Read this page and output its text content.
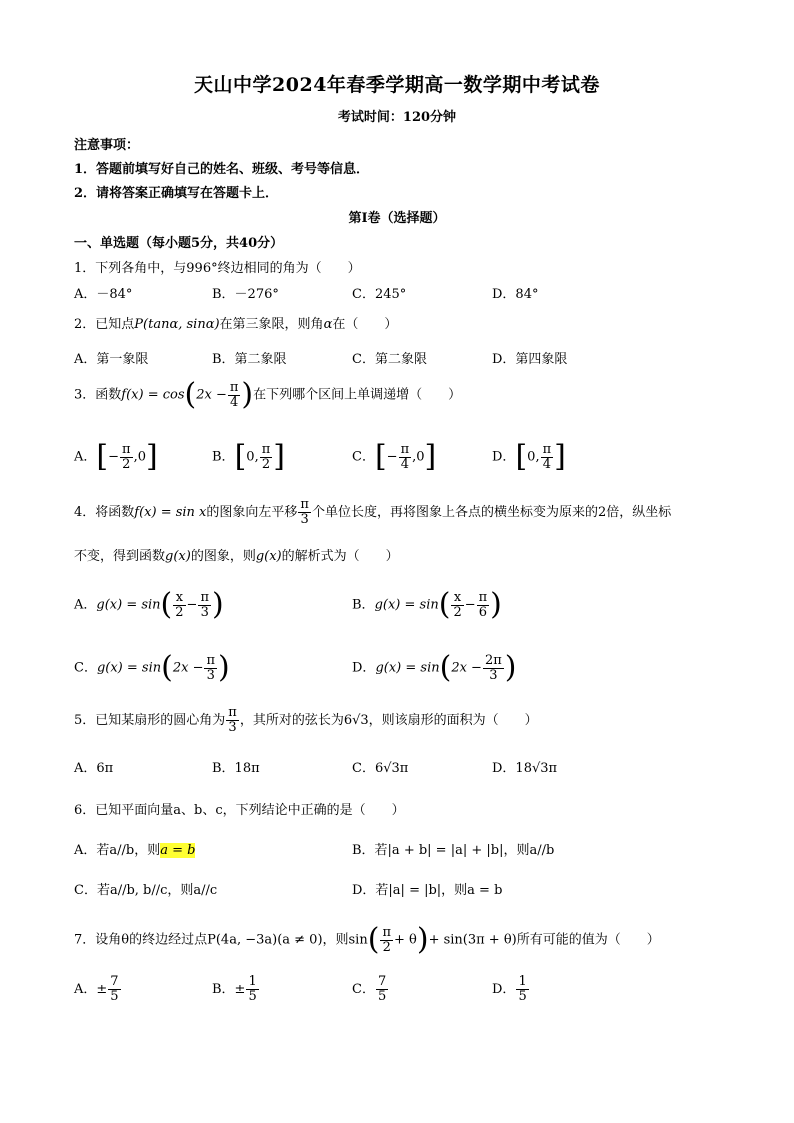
天山中学2024年春季学期高一数学期中考试卷
考试时间：120分钟
注意事项：
1．答题前填写好自己的姓名、班级、考号等信息．
2．请将答案正确填写在答题卡上．
第I卷（选择题）
一、单选题（每小题5分，共40分）
1．下列各角中，与996°终边相同的角为（　　）
A．－84°	B．－276°	C．245°	D．84°
2．已知点P(tanα, sinα)在第三象限，则角α在（　　）
A．第一象限	B．第二象限	C．第二象限	D．第四象限
3．函数$f(x) = \cos(2x - \frac{\pi}{4}$ )在下列哪个区间上单调递增（　　）
A．[− $\frac{\pi}{2} ,0$]	B．[0, $\frac{\pi}{2}$ ]	C．[− $\frac{\pi}{4} ,0$]	D．[0, $\frac{\pi}{4}$ ]
4．将函数f(x) = sin x的图象向左平移 $\frac{\pi}{3}$ 个单位长度，再将图象上各点的横坐标变为原来的2倍，纵坐标
不变，得到函数g(x)的图象，则g(x)的解析式为（　　）
A．$g(x) = \sin( \frac{x}{2} - \frac{\pi}{3}$ )	B．$g(x) = \sin( \frac{x}{2} - \frac{\pi}{6}$ )
C．$g(x) = \sin(2x - \frac{\pi}{3}$ )	D．$g(x) = \sin(2x - \frac{2\pi}{3}$ )
5．已知某扇形的圆心角为 $\frac{\pi}{3}$ ，其所对的弦长为6√3，则该扇形的面积为（　　）
A．6π	B．18π	C．6√3π	D．18√3π
6．已知平面向量a、b、c，下列结论中正确的是（　　）
A．若a//b，则a = b	B．若|a + b| = |a| + |b|，则a//b
C．若a//b, b//c，则a//c	D．若|a| = |b|，则a = b
7．设角θ的终边经过点P(4a, −3a)(a ≠ 0)，则$\sin( \frac{\pi}{2} + \theta)+ \sin(3\pi + \theta)$所有可能的值为（　　）
A．± $\frac{7}{5}$	B．± $\frac{1}{5}$	C． $\frac{7}{5}$	D． $\frac{1}{5}$
